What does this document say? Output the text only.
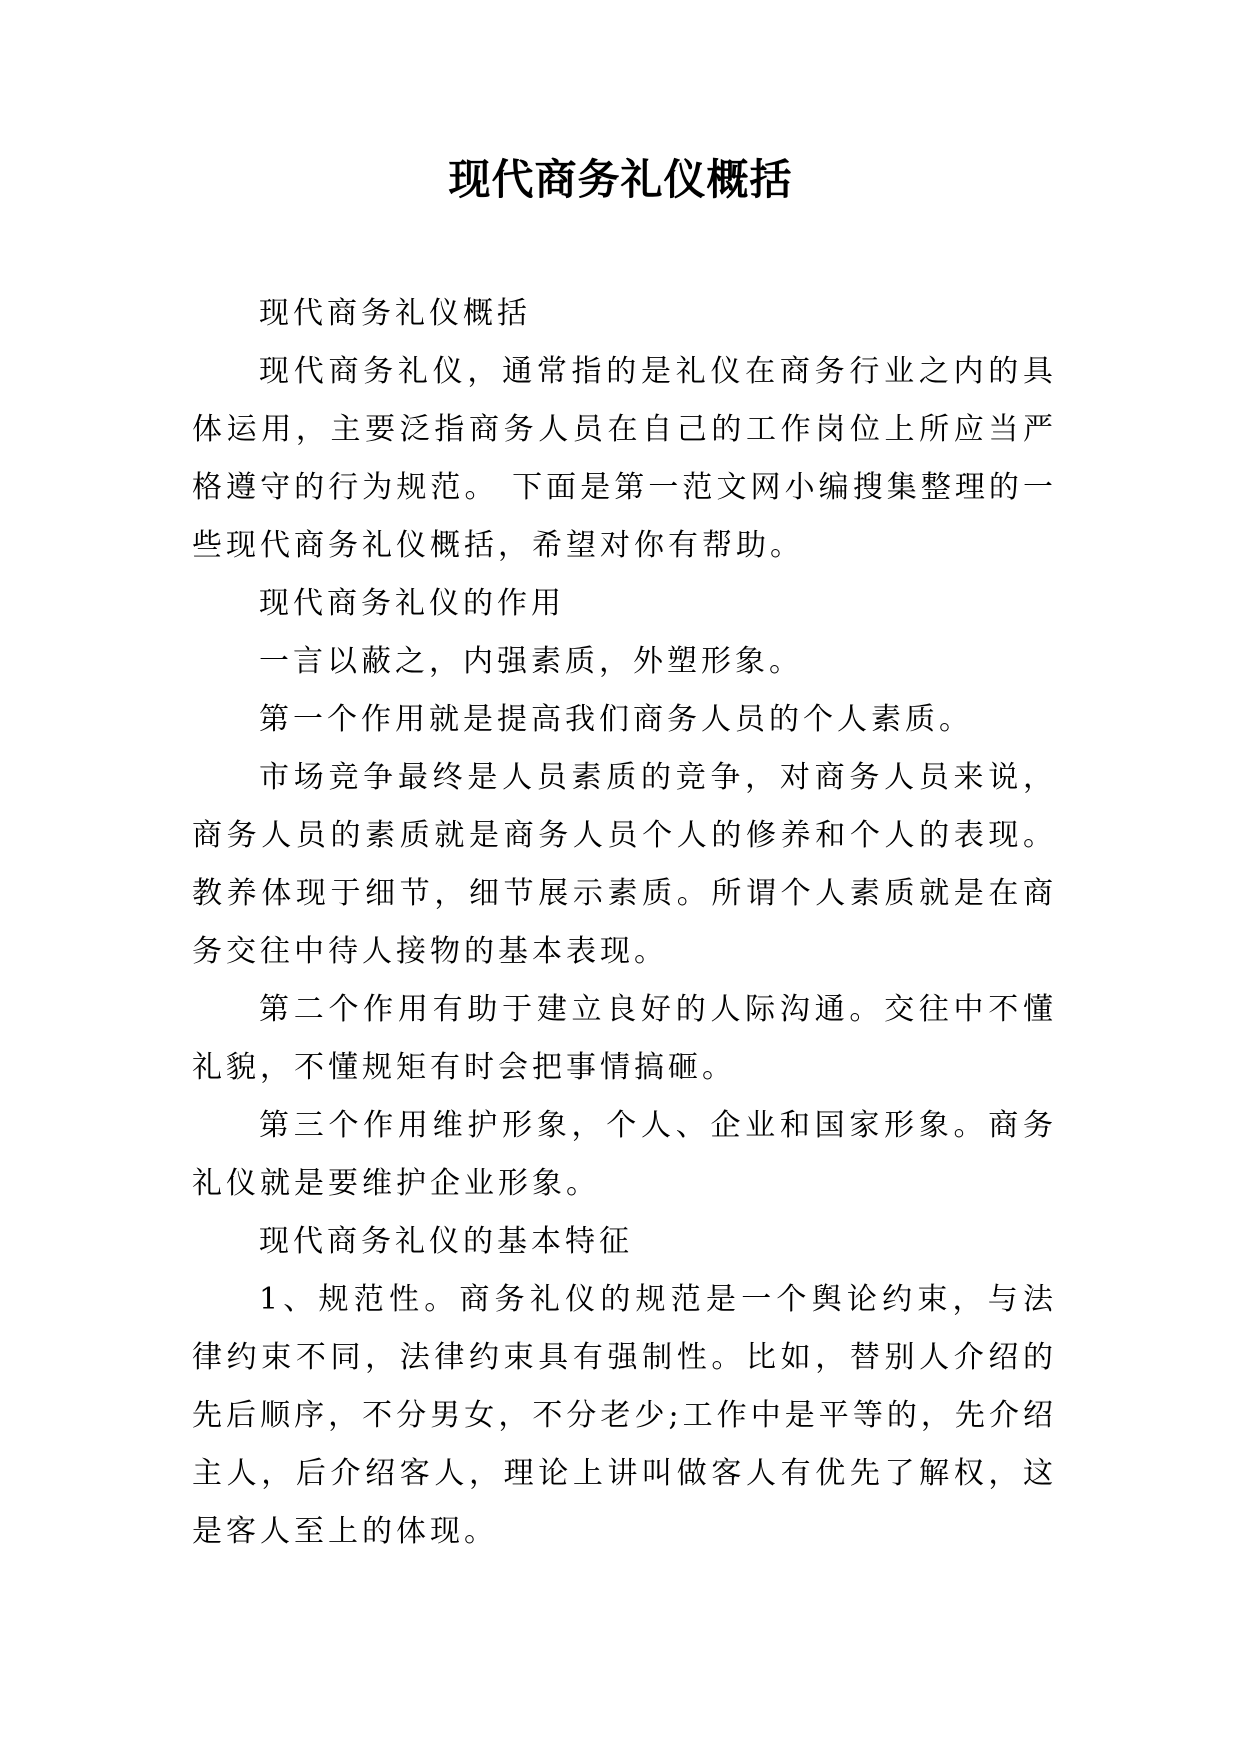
现代商务礼仪概括

现代商务礼仪概括

现代商务礼仪，通常指的是礼仪在商务行业之内的具体运用，主要泛指商务人员在自己的工作岗位上所应当严格遵守的行为规范。 下面是第一范文网小编搜集整理的一些现代商务礼仪概括，希望对你有帮助。

现代商务礼仪的作用

一言以蔽之，内强素质，外塑形象。

第一个作用就是提高我们商务人员的个人素质。

市场竞争最终是人员素质的竞争，对商务人员来说，商务人员的素质就是商务人员个人的修养和个人的表现。教养体现于细节，细节展示素质。所谓个人素质就是在商务交往中待人接物的基本表现。

第二个作用有助于建立良好的人际沟通。交往中不懂礼貌，不懂规矩有时会把事情搞砸。

第三个作用维护形象，个人、企业和国家形象。商务礼仪就是要维护企业形象。

现代商务礼仪的基本特征

1、规范性。商务礼仪的规范是一个舆论约束，与法律约束不同，法律约束具有强制性。比如，替别人介绍的先后顺序，不分男女，不分老少;工作中是平等的，先介绍主人，后介绍客人，理论上讲叫做客人有优先了解权，这是客人至上的体现。
